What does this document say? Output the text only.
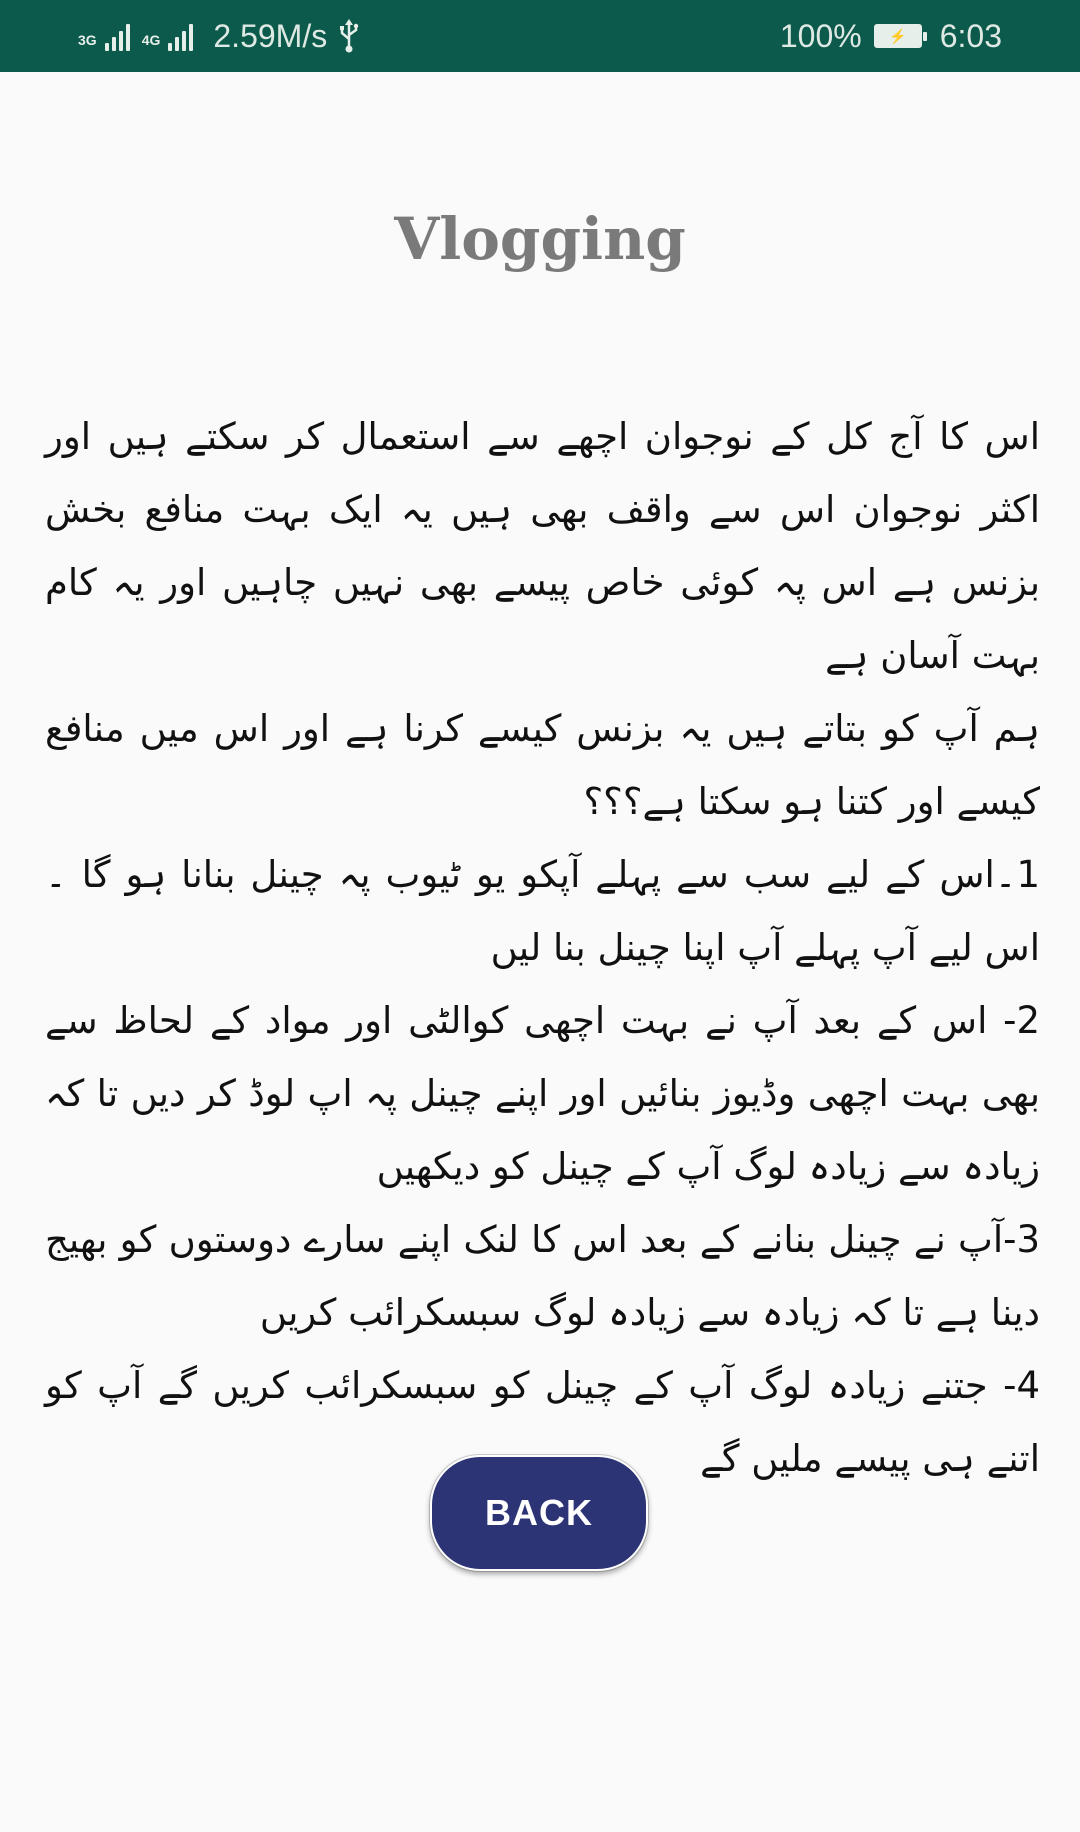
3G	4G 2.59M/s	100% ⚡ 6:03
Vlogging

اس کا آج کل کے نوجوان اچھے سے استعمال کر سکتے ہیں اور اکثر نوجوان اس سے واقف بھی ہیں یہ ایک بہت منافع بخش بزنس ہے اس پہ کوئی خاص پیسے بھی نہیں چاہیں اور یہ کام بہت آسان ہے

ہم آپ کو بتاتے ہیں یہ بزنس کیسے کرنا ہے اور اس میں منافع کیسے اور کتنا ہو سکتا ہے؟؟؟

1۔اس کے لیے سب سے پہلے آپکو یو ٹیوب پہ چینل بنانا ہو گا ۔ اس لیے آپ پہلے آپ اپنا چینل بنا لیں

2- اس کے بعد آپ نے بہت اچھی کوالٹی اور مواد کے لحاظ سے بھی بہت اچھی وڈیوز بنائیں اور اپنے چینل پہ اپ لوڈ کر دیں تا کہ زیادہ سے زیادہ لوگ آپ کے چینل کو دیکھیں

3-آپ نے چینل بنانے کے بعد اس کا لنک اپنے سارے دوستوں کو بھیج دینا ہے تا کہ زیادہ سے زیادہ لوگ سبسکرائب کریں

4- جتنے زیادہ لوگ آپ کے چینل کو سبسکرائب کریں گے آپ کو اتنے ہی پیسے ملیں گے

BACK
